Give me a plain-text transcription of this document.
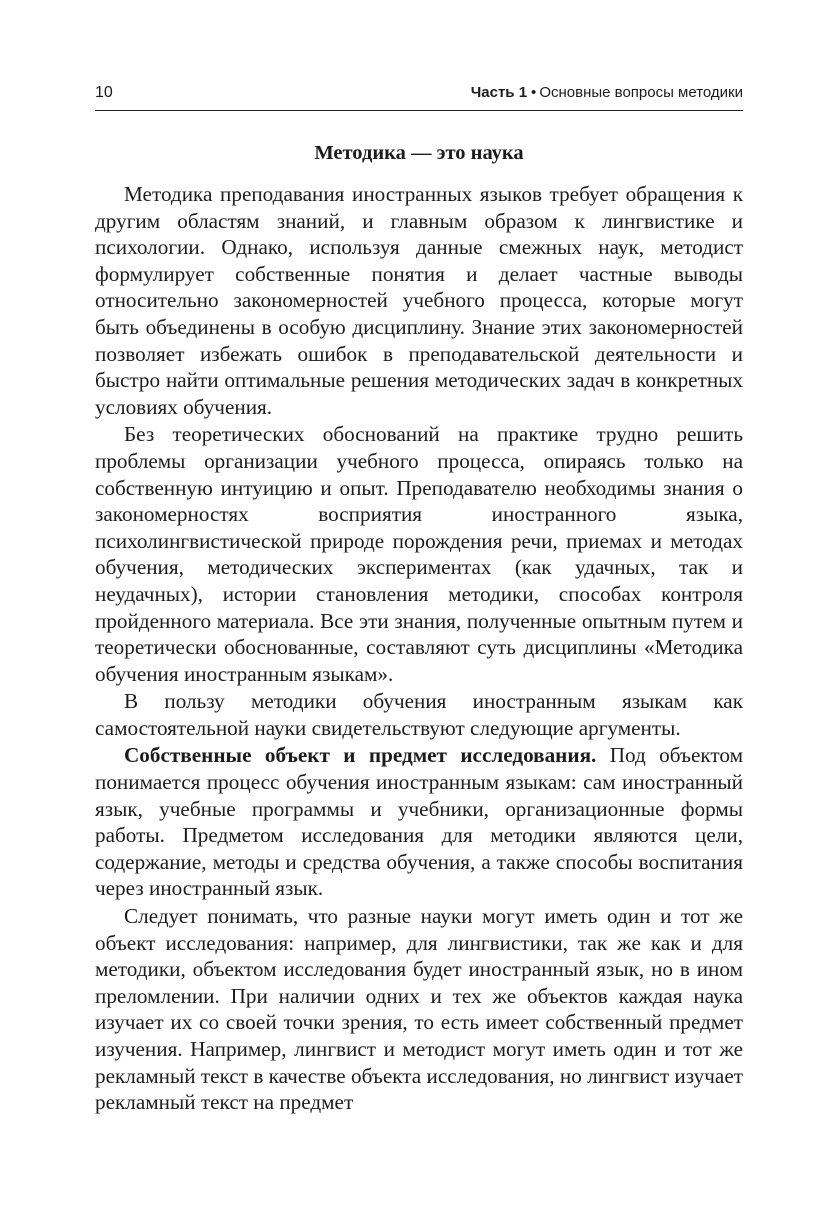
10	Часть 1 • Основные вопросы методики
Методика — это наука

Методика преподавания иностранных языков требует обращения к другим областям знаний, и главным образом к лингвистике и психологии. Однако, используя данные смежных наук, методист формулирует собственные понятия и делает частные выводы относительно закономерностей учебного процесса, которые могут быть объединены в особую дисциплину. Знание этих закономерностей позволяет избежать ошибок в преподавательской деятельности и быстро найти оптимальные решения методических задач в конкретных условиях обучения.

Без теоретических обоснований на практике трудно решить проблемы организации учебного процесса, опираясь только на собственную интуицию и опыт. Преподавателю необходимы знания о закономерностях восприятия иностранного языка, психолингвистической природе порождения речи, приемах и методах обучения, методических экспериментах (как удачных, так и неудачных), истории становления методики, способах контроля пройденного материала. Все эти знания, полученные опытным путем и теоретически обоснованные, составляют суть дисциплины «Методика обучения иностранным языкам».

В пользу методики обучения иностранным языкам как самостоятельной науки свидетельствуют следующие аргументы.

Собственные объект и предмет исследования. Под объектом понимается процесс обучения иностранным языкам: сам иностранный язык, учебные программы и учебники, организационные формы работы. Предметом исследования для методики являются цели, содержание, методы и средства обучения, а также способы воспитания через иностранный язык.

Следует понимать, что разные науки могут иметь один и тот же объект исследования: например, для лингвистики, так же как и для методики, объектом исследования будет иностранный язык, но в ином преломлении. При наличии одних и тех же объектов каждая наука изучает их со своей точки зрения, то есть имеет собственный предмет изучения. Например, лингвист и методист могут иметь один и тот же рекламный текст в качестве объекта исследования, но лингвист изучает рекламный текст на предмет
